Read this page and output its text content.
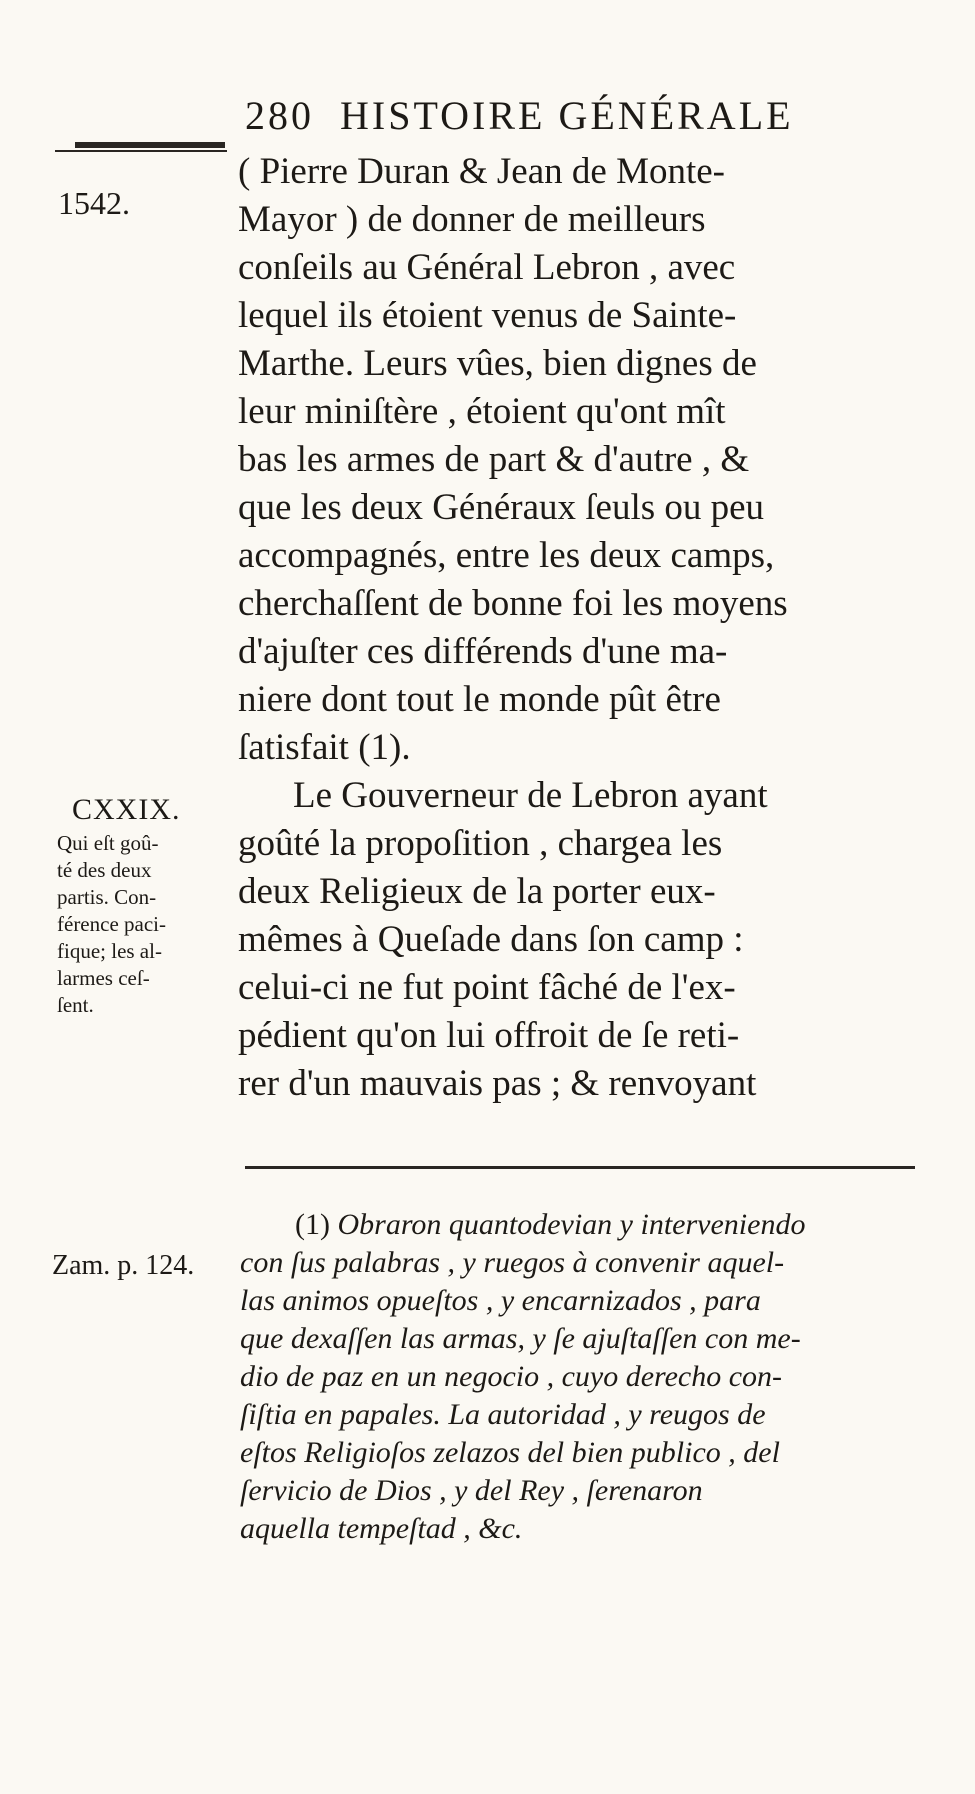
280 HISTOIRE GÉNÉRALE
1542.
( Pierre Duran & Jean de Monte-
Mayor ) de donner de meilleurs
conſeils au Général Lebron , avec
lequel ils étoient venus de Sainte-
Marthe. Leurs vûes, bien dignes de
leur miniſtère , étoient qu'ont mît
bas les armes de part & d'autre , &
que les deux Généraux ſeuls ou peu
accompagnés, entre les deux camps,
cherchaſſent de bonne foi les moyens
d'ajuſter ces différends d'une ma-
niere dont tout le monde pût être
ſatisfait (1).
Le Gouverneur de Lebron ayant
goûté la propoſition , chargea les
deux Religieux de la porter eux-
mêmes à Queſade dans ſon camp :
celui-ci ne fut point fâché de l'ex-
pédient qu'on lui offroit de ſe reti-
rer d'un mauvais pas ; & renvoyant
CXXIX.
Qui eſt goû-
té des deux
partis. Con-
férence paci-
fique; les al-
larmes ceſ-
ſent.
Zam. p. 124.
(1) Obraron quantodevian y interveniendo
con ſus palabras , y ruegos à convenir aquel-
las animos opueſtos , y encarnizados , para
que dexaſſen las armas, y ſe ajuſtaſſen con me-
dio de paz en un negocio , cuyo derecho con-
ſiſtia en papales. La autoridad , y reugos de
eſtos Religioſos zelazos del bien publico , del
ſervicio de Dios , y del Rey , ſerenaron
aquella tempeſtad , &c.
